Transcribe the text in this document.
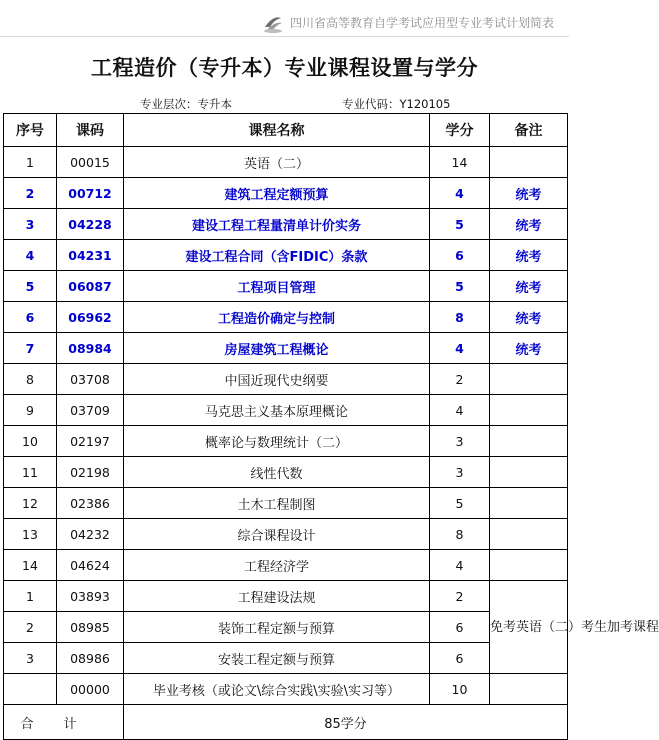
四川省高等教育自学考试应用型专业考试计划简表
工程造价（专升本）专业课程设置与学分
专业层次：专升本	专业代码：Y120105
序号	课码	课程名称	学分	备注
1	00015	英语（二）	14	
2	00712	建筑工程定额预算	4	统考
3	04228	建设工程工程量清单计价实务	5	统考
4	04231	建设工程合同（含FIDIC）条款	6	统考
5	06087	工程项目管理	5	统考
6	06962	工程造价确定与控制	8	统考
7	08984	房屋建筑工程概论	4	统考
8	03708	中国近现代史纲要	2	
9	03709	马克思主义基本原理概论	4	
10	02197	概率论与数理统计（二）	3	
11	02198	线性代数	3	
12	02386	土木工程制图	5	
13	04232	综合课程设计	8	
14	04624	工程经济学	4	
1	03893	工程建设法规	2	免考英语（二）考生加考课程
2	08985	装饰工程定额与预算	6	
3	08986	安装工程定额与预算	6	
	00000	毕业考核（或论文\综合实践\实验\实习等）	10	
合计		85学分		
